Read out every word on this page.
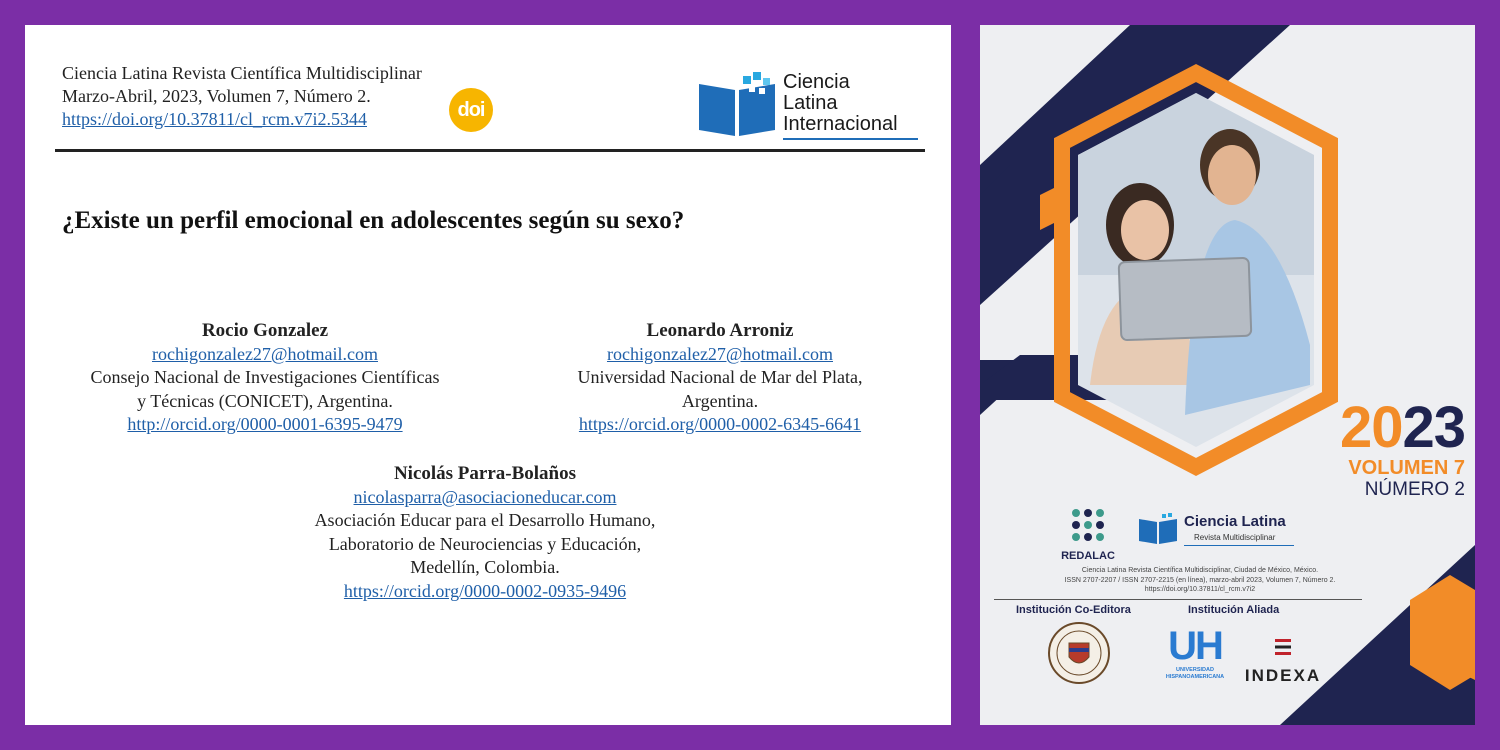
Ciencia Latina Revista Científica Multidisciplinar
Marzo-Abril, 2023, Volumen 7, Número 2.
https://doi.org/10.37811/cl_rcm.v7i2.5344	doi
Ciencia
Latina
Internacional
¿Existe un perfil emocional en adolescentes según su sexo?
Rocio Gonzalez
rochigonzalez27@hotmail.com
Consejo Nacional de Investigaciones Científicas
y Técnicas (CONICET), Argentina.
http://orcid.org/0000-0001-6395-9479
Leonardo Arroniz
rochigonzalez27@hotmail.com
Universidad Nacional de Mar del Plata,
Argentina.
https://orcid.org/0000-0002-6345-6641
Nicolás Parra-Bolaños
nicolasparra@asociacioneducar.com
Asociación Educar para el Desarrollo Humano,
Laboratorio de Neurociencias y Educación,
Medellín, Colombia.
https://orcid.org/0000-0002-0935-9496
2023
VOLUMEN 7
NÚMERO 2
REDALAC
Ciencia Latina
Revista Multidisciplinar
Ciencia Latina Revista Científica Multidisciplinar, Ciudad de México, México.
ISSN 2707-2207 / ISSN 2707-2215 (en línea), marzo-abril 2023, Volumen 7, Número 2.
https://doi.org/10.37811/cl_rcm.v7i2
Institución Co-Editora	Institución Aliada
UH
UNIVERSIDAD
HISPANOAMERICANA	INDEXA
